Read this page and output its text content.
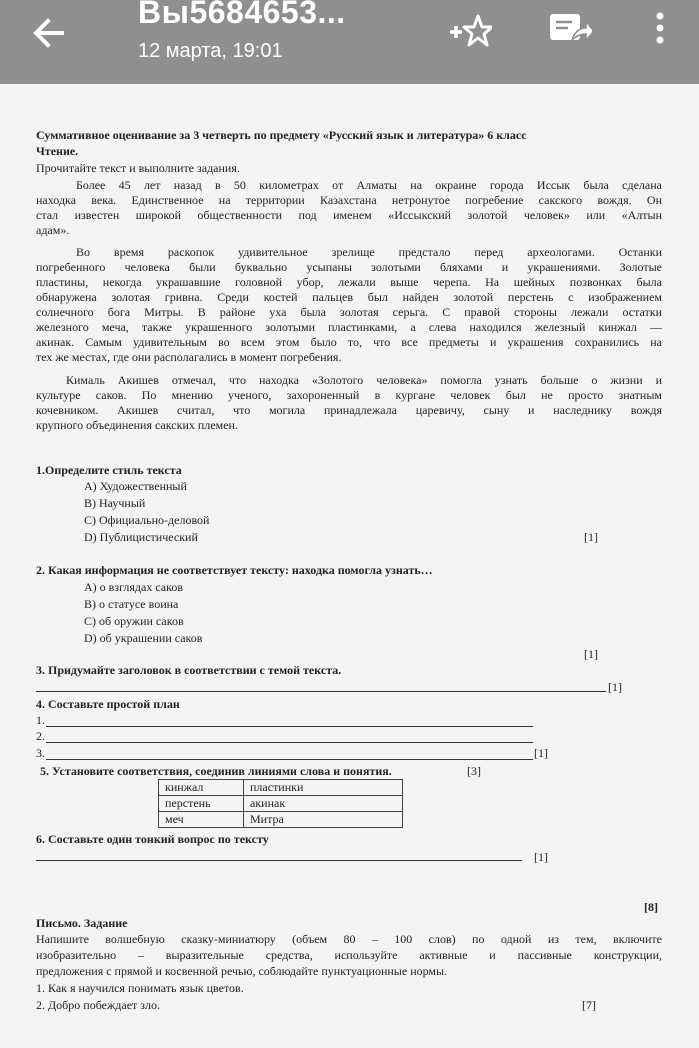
Вы5684653...
12 марта, 19:01
Суммативное оценивание за 3 четверть по предмету «Русский язык и литература» 6 класс
Чтение.
Прочитайте текст и выполните задания.
Более 45 лет назад в 50 километрах от Алматы на окраине города Иссык была сделана
находка века. Единственное на территории Казахстана нетронутое погребение сакского вождя. Он
стал известен широкой общественности под именем «Иссыкский золотой человек» или «Алтын
адам».
Во время раскопок удивительное зрелище предстало перед археологами. Останки
погребенного человека были буквально усыпаны золотыми бляхами и украшениями. Золотые
пластины, некогда украшавшие головной убор, лежали выше черепа. На шейных позвонках была
обнаружена золотая гривна. Среди костей пальцев был найден золотой перстень с изображением
солнечного бога Митры. В районе уха была золотая серьга. С правой стороны лежали остатки
железного меча, также украшенного золотыми пластинками, а слева находился железный кинжал —
акинак. Самым удивительным во всем этом было то, что все предметы и украшения сохранились на
тех же местах, где они располагались в момент погребения.
Кималь Акишев отмечал, что находка «Золотого человека» помогла узнать больше о жизни и
культуре саков. По мнению ученого, захороненный в кургане человек был не просто знатным
кочевником. Акишев считал, что могила принадлежала царевичу, сыну и наследнику вождя
крупного объединения сакских племен.
1.Определите стиль текста
A) Художественный
B) Научный
C) Официально-деловой
D) Публицистический	[1]
2. Какая информация не соответствует тексту: находка помогла узнать…
A) о взглядах саков
B) о статусе воина
C) об оружии саков
D) об украшении саков
[1]
3. Придумайте заголовок в соответствии с темой текста.
[1]
4. Составьте простой план
1.
2.
3.	[1]
5. Установите соответствия, соединив линиями слова и понятия.	[3]
кинжал	пластинки
перстень	акинак
меч	Митра
6. Составьте один тонкий вопрос по тексту
[1]
[8]
Письмо. Задание
Напишите волшебную сказку-миниатюру (объем 80 – 100 слов) по одной из тем, включите
изобразительно – выразительные средства, используйте активные и пассивные конструкции,
предложения с прямой и косвенной речью, соблюдайте пунктуационные нормы.
1. Как я научился понимать язык цветов.
2. Добро побеждает зло.	[7]
